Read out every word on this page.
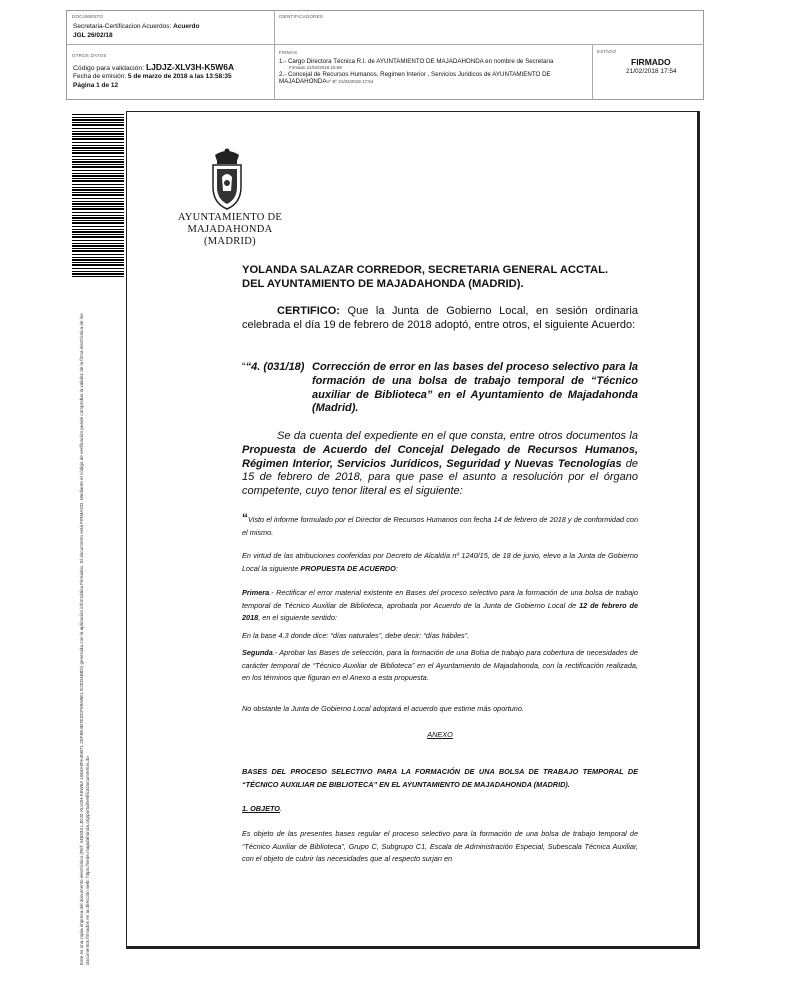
DOCUMENTO
Secretaria-Certificacion Acuerdos: Acuerdo
JGL 26/02/18
IDENTIFICADORES
OTROS DATOS
Código para validación: LJDJZ-XLV3H-K5W6A
Fecha de emisión: 5 de marzo de 2018 a las 13:58:35
Página 1 de 12
FIRMAS
1.- Cargo Directora Técnica R.I. de AYUNTAMIENTO DE MAJADAHONDA en nombre de Secretaria
Firmado 21/02/2018 15:59
2.- Concejal de Recursos Humanos, Regimen Interior , Servicios Juridicos de AYUNTAMIENTO DE
MAJADAHONDAVº Bº 21/02/2018 17:54
ESTADO
FIRMADO
21/02/2018 17:54
Este es una copia impresa del documento electrónico (Ref: 446933 LJDJZ-XLV3H-K5W6A 1064A0FA45B71 2EF6E4B7EDCF09ABE1 E2ED4B8D) generada con la aplicación informática Firmadoc. El documento está FIRMADO. Mediante el código de verificación puede comprobar la validez de la firma electrónica de los documentos firmados en la dirección web: https://sede.majadahonda.org/portal/verificaDocumentos.do
AYUNTAMIENTO DE
MAJADAHONDA
(MADRID)
YOLANDA SALAZAR CORREDOR, SECRETARIA GENERAL ACCTAL.
DEL AYUNTAMIENTO DE MAJADAHONDA (MADRID).
CERTIFICO: Que la Junta de Gobierno Local, en sesión ordinaria celebrada el día 19 de febrero de 2018 adoptó, entre otros, el siguiente Acuerdo:
““4. (031/18) Corrección de error en las bases del proceso selectivo para la formación de una bolsa de trabajo temporal de “Técnico auxiliar de Biblioteca” en el Ayuntamiento de Majadahonda (Madrid).
Se da cuenta del expediente en el que consta, entre otros documentos la Propuesta de Acuerdo del Concejal Delegado de Recursos Humanos, Régimen Interior, Servicios Jurídicos, Seguridad y Nuevas Tecnologías de 15 de febrero de 2018, para que pase el asunto a resolución por el órgano competente, cuyo tenor literal es el siguiente:
“Visto el informe formulado por el Director de Recursos Humanos con fecha 14 de febrero de 2018 y de conformidad con el mismo.
En virtud de las atribuciones conferidas por Decreto de Alcaldía nº 1240/15, de 18 de junio, elevo a la Junta de Gobierno Local la siguiente PROPUESTA DE ACUERDO:
Primera.- Rectificar el error material existente en Bases del proceso selectivo para la formación de una bolsa de trabajo temporal de Técnico Auxiliar de Biblioteca, aprobada por Acuerdo de la Junta de Gobierno Local de 12 de febrero de 2018, en el siguiente sentido:
En la base 4.3 donde dice: “días naturales”, debe decir: “días hábiles”.
Segunda.- Aprobar las Bases de selección, para la formación de una Bolsa de trabajo para cobertura de necesidades de carácter temporal de “Técnico Auxiliar de Biblioteca” en el Ayuntamiento de Majadahonda, con la rectificación realizada, en los términos que figuran en el Anexo a esta propuesta.
No obstante la Junta de Gobierno Local adoptará el acuerdo que estime más oportuno.
ANEXO
BASES DEL PROCESO SELECTIVO PARA LA FORMACIÓN DE UNA BOLSA DE TRABAJO TEMPORAL DE “TÉCNICO AUXILIAR DE BIBLIOTECA” EN EL AYUNTAMIENTO DE MAJADAHONDA (MADRID).
1. OBJETO.
Es objeto de las presentes bases regular el proceso selectivo para la formación de una bolsa de trabajo temporal de “Técnico Auxiliar de Biblioteca”, Grupo C, Subgrupo C1, Escala de Administración Especial, Subescala Técnica Auxiliar, con el objeto de cubrir las necesidades que al respecto surjan en
